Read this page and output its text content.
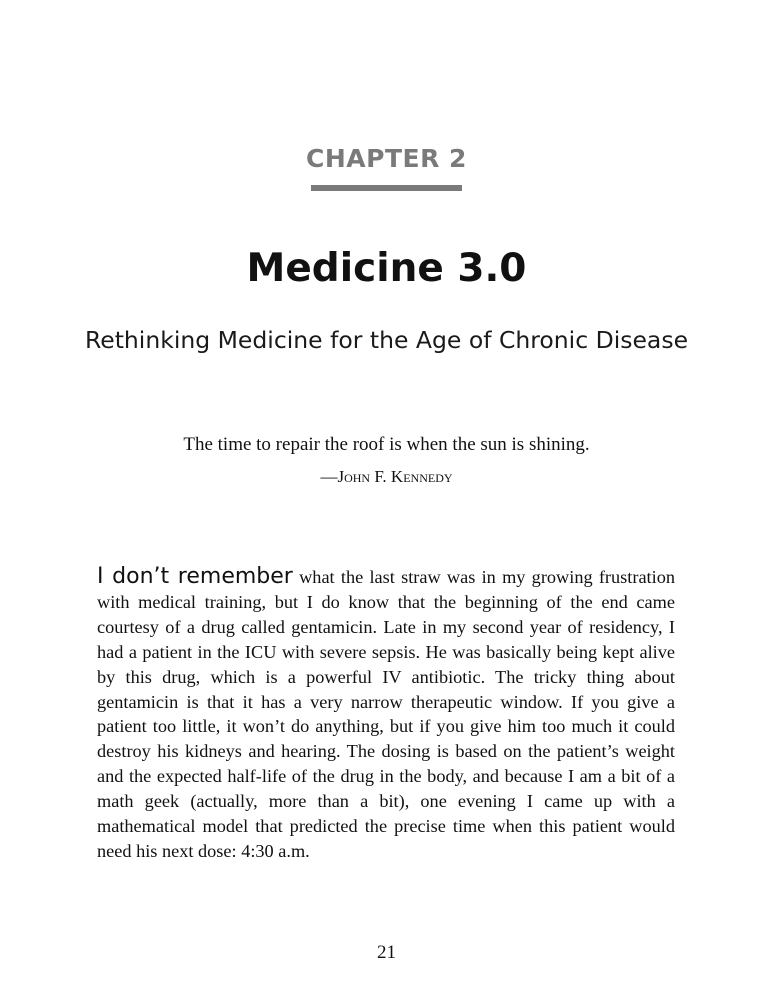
CHAPTER 2
Medicine 3.0
Rethinking Medicine for the Age of Chronic Disease
The time to repair the roof is when the sun is shining.
—John F. Kennedy

I don’t remember what the last straw was in my growing frustration with medical training, but I do know that the beginning of the end came courtesy of a drug called gentamicin. Late in my second year of residency, I had a patient in the ICU with severe sepsis. He was basically being kept alive by this drug, which is a powerful IV antibiotic. The tricky thing about gentamicin is that it has a very narrow therapeutic window. If you give a patient too little, it won’t do anything, but if you give him too much it could destroy his kidneys and hearing. The dosing is based on the patient’s weight and the expected half-life of the drug in the body, and because I am a bit of a math geek (actually, more than a bit), one evening I came up with a mathematical model that predicted the precise time when this patient would need his next dose: 4:30 a.m.

21
